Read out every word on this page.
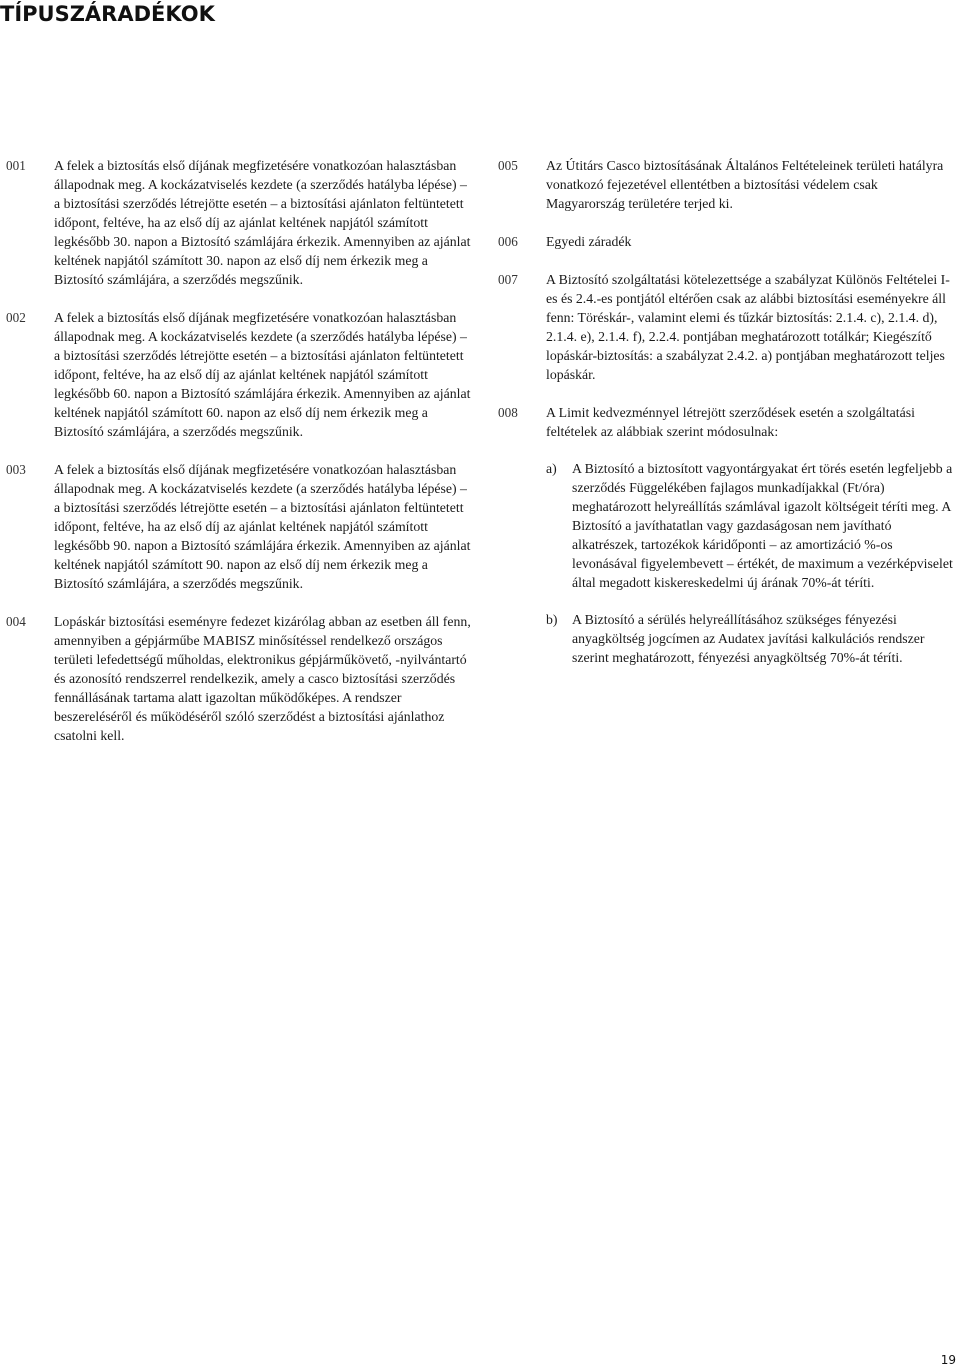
TÍPUSZÁRADÉKOK
001	A felek a biztosítás első díjának megfizetésére vonatkozóan halasztásban állapodnak meg. A kockázatviselés kezdete (a szerződés hatályba lépése) – a biztosítási szerződés létrejötte esetén – a biztosítási ajánlaton feltüntetett időpont, feltéve, ha az első díj az ajánlat keltének napjától számított legkésőbb 30. napon a Biztosító számlájára érkezik. Amennyiben az ajánlat keltének napjától számított 30. napon az első díj nem érkezik meg a Biztosító számlájára, a szerződés megszűnik.

002	A felek a biztosítás első díjának megfizetésére vonatkozóan halasztásban állapodnak meg. A kockázatviselés kezdete (a szerződés hatályba lépése) – a biztosítási szerződés létrejötte esetén – a biztosítási ajánlaton feltüntetett időpont, feltéve, ha az első díj az ajánlat keltének napjától számított legkésőbb 60. napon a Biztosító számlájára érkezik. Amennyiben az ajánlat keltének napjától számított 60. napon az első díj nem érkezik meg a Biztosító számlájára, a szerződés megszűnik.

003	A felek a biztosítás első díjának megfizetésére vonatkozóan halasztásban állapodnak meg. A kockázatviselés kezdete (a szerződés hatályba lépése) – a biztosítási szerződés létrejötte esetén – a biztosítási ajánlaton feltüntetett időpont, feltéve, ha az első díj az ajánlat keltének napjától számított legkésőbb 90. napon a Biztosító számlájára érkezik. Amennyiben az ajánlat keltének napjától számított 90. napon az első díj nem érkezik meg a Biztosító számlájára, a szerződés megszűnik.

004	Lopáskár biztosítási eseményre fedezet kizárólag abban az esetben áll fenn, amennyiben a gépjárműbe MABISZ minősítéssel rendelkező országos területi lefedettségű műholdas, elektronikus gépjárműkövető, -nyilvántartó és azonosító rendszerrel rendelkezik, amely a casco biztosítási szerződés fennállásának tartama alatt igazoltan működőképes. A rendszer beszereléséről és működéséről szóló szerződést a biztosítási ajánlathoz csatolni kell.

005	Az Útitárs Casco biztosításának Általános Feltételeinek területi hatályra vonatkozó fejezetével ellentétben a biztosítási védelem csak Magyarország területére terjed ki.

006	Egyedi záradék

007	A Biztosító szolgáltatási kötelezettsége a szabályzat Különös Feltételei I-es és 2.4.-es pontjától eltérően csak az alábbi biztosítási eseményekre áll fenn: Töréskár-, valamint elemi és tűzkár biztosítás: 2.1.4. c), 2.1.4. d), 2.1.4. e), 2.1.4. f), 2.2.4. pontjában meghatározott totálkár; Kiegészítő lopáskár-biztosítás: a szabályzat 2.4.2. a) pontjában meghatározott teljes lopáskár.

008	A Limit kedvezménnyel létrejött szerződések esetén a szolgáltatási feltételek az alábbiak szerint módosulnak:

a)	A Biztosító a biztosított vagyontárgyakat ért törés esetén legfeljebb a szerződés Függelékében fajlagos munkadíjakkal (Ft/óra) meghatározott helyreállítás számlával igazolt költségeit téríti meg. A Biztosító a javíthatatlan vagy gazdaságosan nem javítható alkatrészek, tartozékok káridőponti – az amortizáció %-os levonásával figyelembevett – értékét, de maximum a vezérképviselet által megadott kiskereskedelmi új árának 70%-át téríti.

b)	A Biztosító a sérülés helyreállításához szükséges fényezési anyagköltség jogcímen az Audatex javítási kalkulációs rendszer szerint meghatározott, fényezési anyagköltség 70%-át téríti.

19
